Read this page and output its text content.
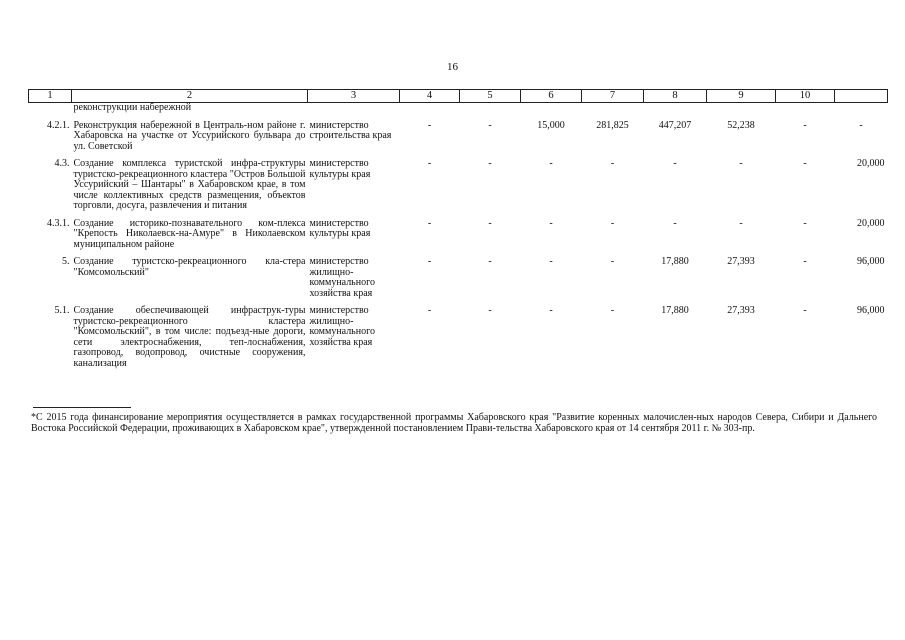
16
1	2	3	4	5	6	7	8	9	10	
	реконструкции набережной									
4.2.1.	Реконструкция набережной в Централь-ном районе г. Хабаровска на участке от Уссурийского бульвара до ул. Советской	министерство строительства края	-	-	15,000	281,825	447,207	52,238	-	-
4.3.	Создание комплекса туристской инфра-структуры туристско-рекреационного кластера "Остров Большой Уссурийский – Шантары" в Хабаровском крае, в том числе коллективных средств размещения, объектов торговли, досуга, развлечения и питания	министерство культуры края	-	-	-	-	-	-	-	20,000
4.3.1.	Создание историко-познавательного ком-плекса "Крепость Николаевск-на-Амуре" в Николаевском муниципальном районе	министерство культуры края	-	-	-	-	-	-	-	20,000
5.	Создание туристско-рекреационного кла-стера "Комсомольский"	министерство жилищно-коммунального хозяйства края	-	-	-	-	17,880	27,393	-	96,000
5.1.	Создание обеспечивающей инфраструк-туры туристско-рекреационного кластера "Комсомольский", в том числе: подъезд-ные дороги, сети электроснабжения, теп-лоснабжения, газопровод, водопровод, очистные сооружения, канализация	министерство жилищно-коммунального хозяйства края	-	-	-	-	17,880	27,393	-	96,000
*С 2015 года финансирование мероприятия осуществляется в рамках государственной программы Хабаровского края "Развитие коренных малочислен-ных народов Севера, Сибири и Дальнего Востока Российской Федерации, проживающих в Хабаровском крае", утвержденной постановлением Прави-тельства Хабаровского края от 14 сентября 2011 г. № 303-пр.
